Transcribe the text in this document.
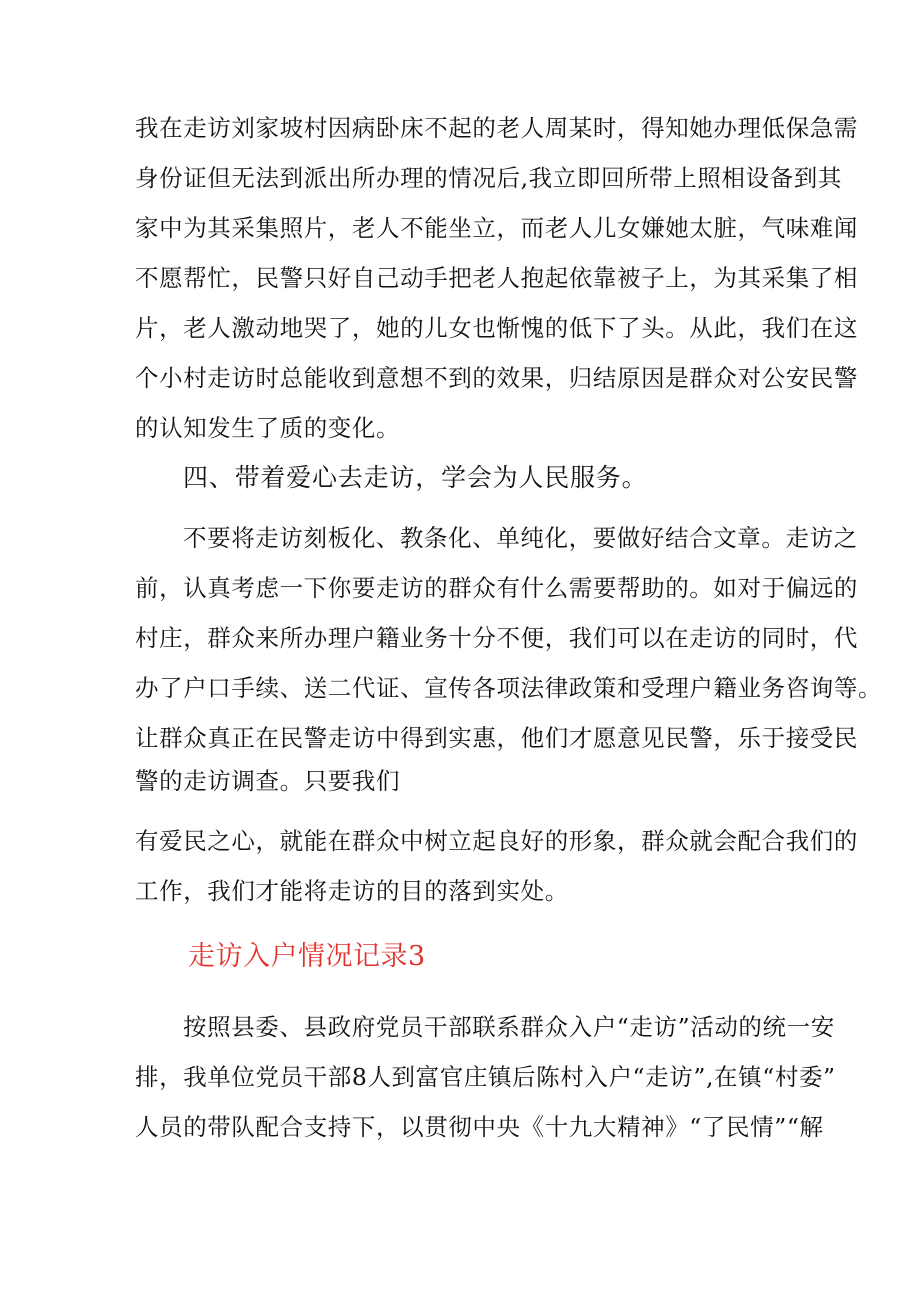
我在走访刘家坡村因病卧床不起的老人周某时，得知她办理低保急需
身份证但无法到派出所办理的情况后,我立即回所带上照相设备到其
家中为其采集照片，老人不能坐立，而老人儿女嫌她太脏，气味难闻
不愿帮忙，民警只好自己动手把老人抱起依靠被子上，为其采集了相
片，老人激动地哭了，她的儿女也惭愧的低下了头。从此，我们在这
个小村走访时总能收到意想不到的效果，归结原因是群众对公安民警
的认知发生了质的变化。
四、带着爱心去走访，学会为人民服务。
不要将走访刻板化、教条化、单纯化，要做好结合文章。走访之
前，认真考虑一下你要走访的群众有什么需要帮助的。如对于偏远的
村庄，群众来所办理户籍业务十分不便，我们可以在走访的同时，代
办了户口手续、送二代证、宣传各项法律政策和受理户籍业务咨询等。
让群众真正在民警走访中得到实惠，他们才愿意见民警，乐于接受民
警的走访调查。只要我们
有爱民之心，就能在群众中树立起良好的形象，群众就会配合我们的
工作，我们才能将走访的目的落到实处。
走访入户情况记录3
按照县委、县政府党员干部联系群众入户“走访”活动的统一安
排，我单位党员干部8人到富官庄镇后陈村入户“走访”,在镇“村委”
人员的带队配合支持下，以贯彻中央《十九大精神》“了民情”“解
